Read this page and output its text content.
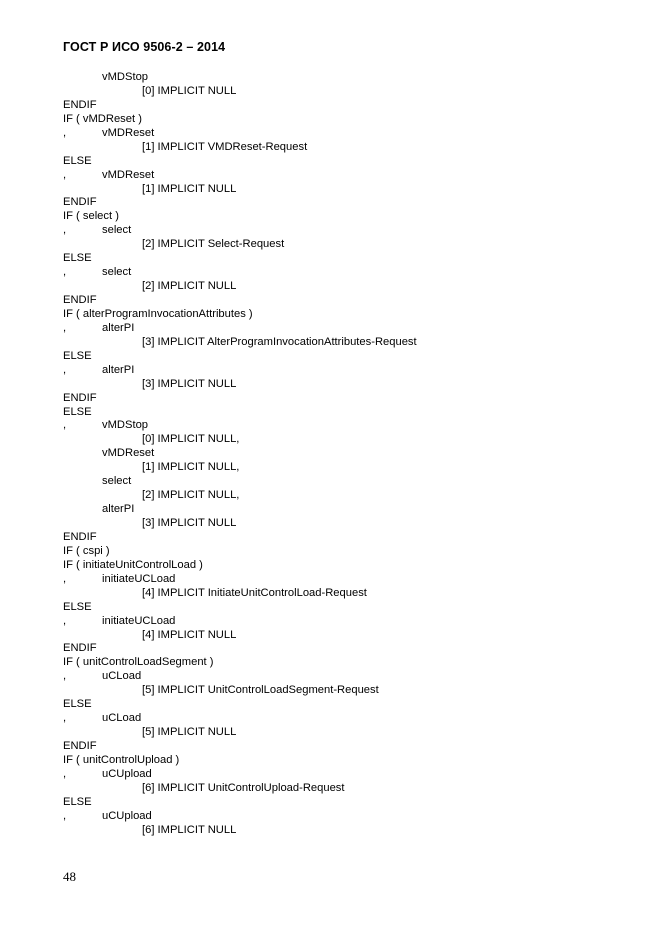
ГОСТ Р ИСО 9506-2 – 2014
vMDStop
[0] IMPLICIT NULL
ENDIF
IF ( vMDReset )
,	vMDReset
[1] IMPLICIT VMDReset-Request
ELSE
,	vMDReset
[1] IMPLICIT NULL
ENDIF
IF ( select )
,	select
[2] IMPLICIT Select-Request
ELSE
,	select
[2] IMPLICIT NULL
ENDIF
IF ( alterProgramInvocationAttributes )
,	alterPI
[3] IMPLICIT AlterProgramInvocationAttributes-Request
ELSE
,	alterPI
[3] IMPLICIT NULL
ENDIF
ELSE
,	vMDStop
[0] IMPLICIT NULL,
vMDReset
[1] IMPLICIT NULL,
select
[2] IMPLICIT NULL,
alterPI
[3] IMPLICIT NULL
ENDIF
IF ( cspi )
IF ( initiateUnitControlLoad )
,	initiateUCLoad
[4] IMPLICIT InitiateUnitControlLoad-Request
ELSE
,	initiateUCLoad
[4] IMPLICIT NULL
ENDIF
IF ( unitControlLoadSegment )
,	uCLoad
[5] IMPLICIT UnitControlLoadSegment-Request
ELSE
,	uCLoad
[5] IMPLICIT NULL
ENDIF
IF ( unitControlUpload )
,	uCUpload
[6] IMPLICIT UnitControlUpload-Request
ELSE
,	uCUpload
[6] IMPLICIT NULL
48
